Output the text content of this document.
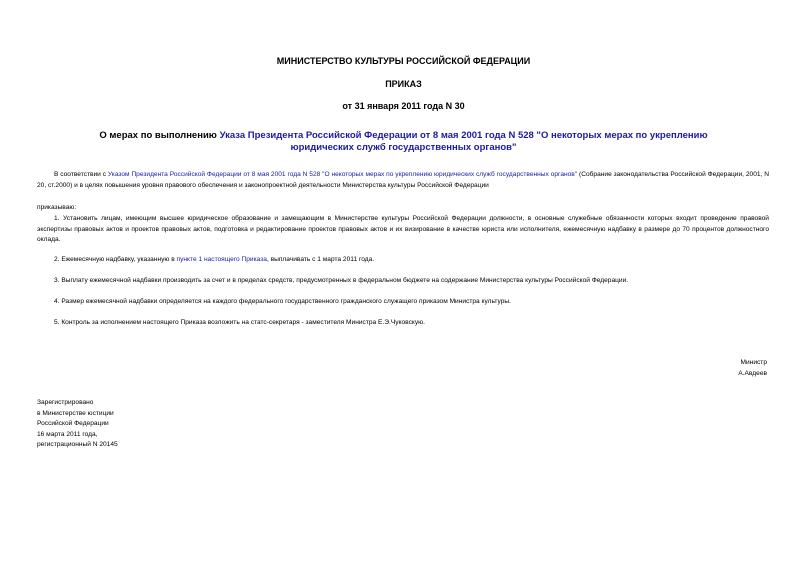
МИНИСТЕРСТВО КУЛЬТУРЫ РОССИЙСКОЙ ФЕДЕРАЦИИ
ПРИКАЗ
от 31 января 2011 года N 30
О мерах по выполнению Указа Президента Российской Федерации от 8 мая 2001 года N 528 "О некоторых мерах по укреплению юридических служб государственных органов"
В соответствии с Указом Президента Российской Федерации от 8 мая 2001 года N 528 "О некоторых мерах по укреплению юридических служб государственных органов" (Собрание законодательства Российской Федерации, 2001, N 20, ст.2000) и в целях повышения уровня правового обеспечения и законопроектной деятельности Министерства культуры Российской Федерации
приказываю:
1. Установить лицам, имеющим высшее юридическое образование и замещающим в Министерстве культуры Российской Федерации должности, в основные служебные обязанности которых входит проведение правовой экспертизы правовых актов и проектов правовых актов, подготовка и редактирование проектов правовых актов и их визирование в качестве юриста или исполнителя, ежемесячную надбавку в размере до 70 процентов должностного оклада.
2. Ежемесячную надбавку, указанную в пункте 1 настоящего Приказа, выплачивать с 1 марта 2011 года.
3. Выплату ежемесячной надбавки производить за счет и в пределах средств, предусмотренных в федеральном бюджете на содержание Министерства культуры Российской Федерации.
4. Размер ежемесячной надбавки определяется на каждого федерального государственного гражданского служащего приказом Министра культуры.
5. Контроль за исполнением настоящего Приказа возложить на статс-секретаря - заместителя Министра Е.Э.Чуковскую.
Министр
А.Авдеев
Зарегистрировано
в Министерстве юстиции
Российской Федерации
16 марта 2011 года,
регистрационный N 20145
